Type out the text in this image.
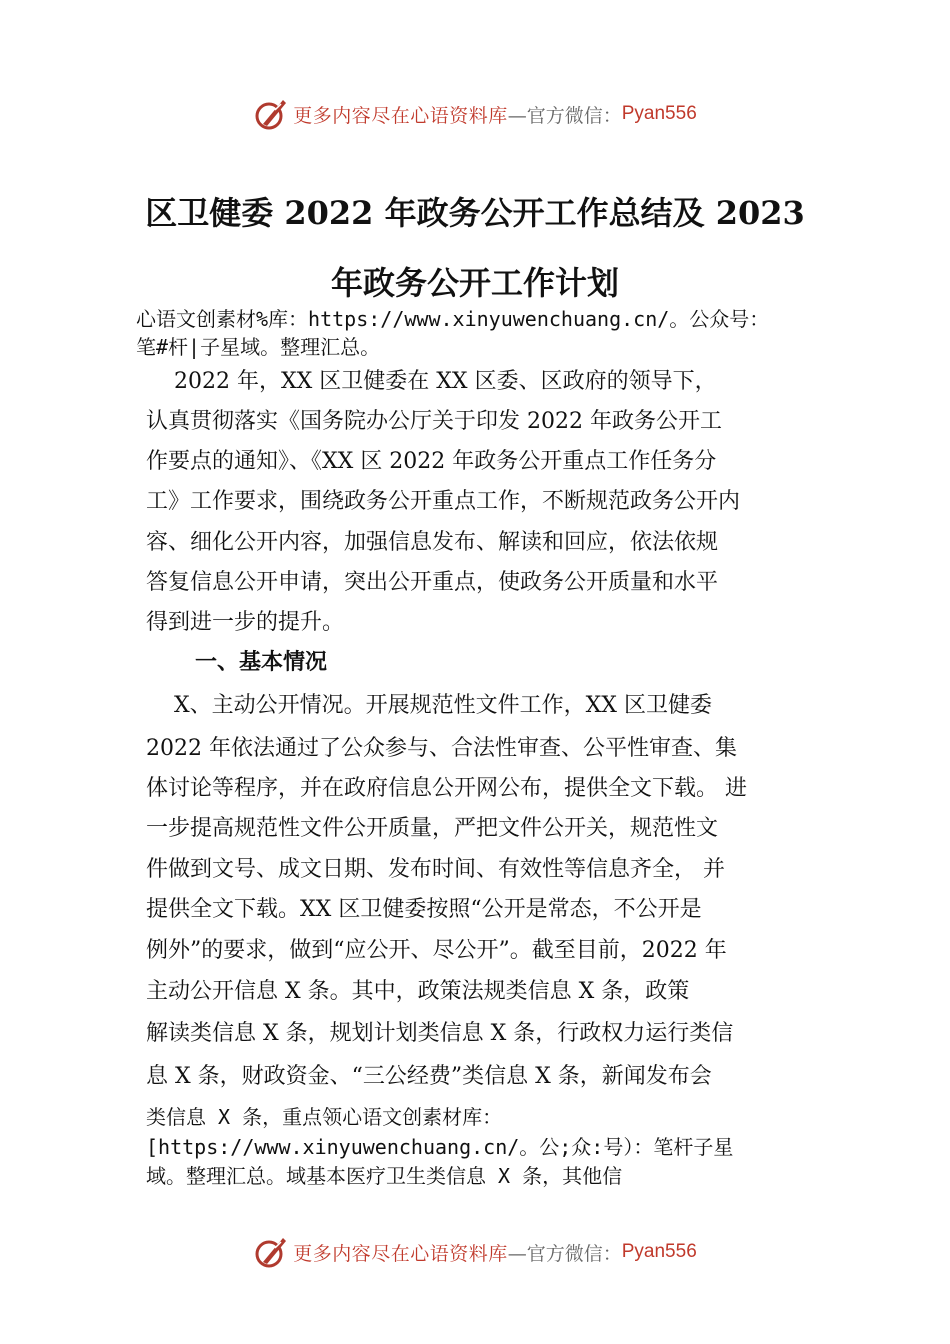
更多内容尽在心语资料库 —官方微信： Pyan556
区卫健委 2022 年政务公开工作总结及 2023
年政务公开工作计划
心语文创素材%库：https://www.xinyuwenchuang.cn/。公众号：
笔#杆|子星域。整理汇总。
2022 年，XX 区卫健委在 XX 区委、区政府的领导下，
认真贯彻落实《国务院办公厅关于印发 2022 年政务公开工
作要点的通知》、《XX 区 2022 年政务公开重点工作任务分
工》工作要求，围绕政务公开重点工作，不断规范政务公开内
容、细化公开内容，加强信息发布、解读和回应，依法依规
答复信息公开申请，突出公开重点，使政务公开质量和水平
得到进一步的提升。
一、基本情况
X、主动公开情况。开展规范性文件工作，XX 区卫健委
2022 年依法通过了公众参与、合法性审查、公平性审查、集
体讨论等程序，并在政府信息公开网公布，提供全文下载。 进
一步提高规范性文件公开质量，严把文件公开关，规范性文
件做到文号、成文日期、发布时间、有效性等信息齐全， 并
提供全文下载。XX 区卫健委按照“公开是常态，不公开是
例外”的要求，做到“应公开、尽公开”。截至目前，2022 年
主动公开信息 X 条。其中，政策法规类信息 X 条，政策
解读类信息 X 条，规划计划类信息 X 条，行政权力运行类信
息 X 条，财政资金、“三公经费”类信息 X 条，新闻发布会
类信息 X 条，重点领心语文创素材库：
[https://www.xinyuwenchuang.cn/。公;众:号）：笔杆子星
域。整理汇总。域基本医疗卫生类信息 X 条，其他信
更多内容尽在心语资料库 —官方微信： Pyan556
